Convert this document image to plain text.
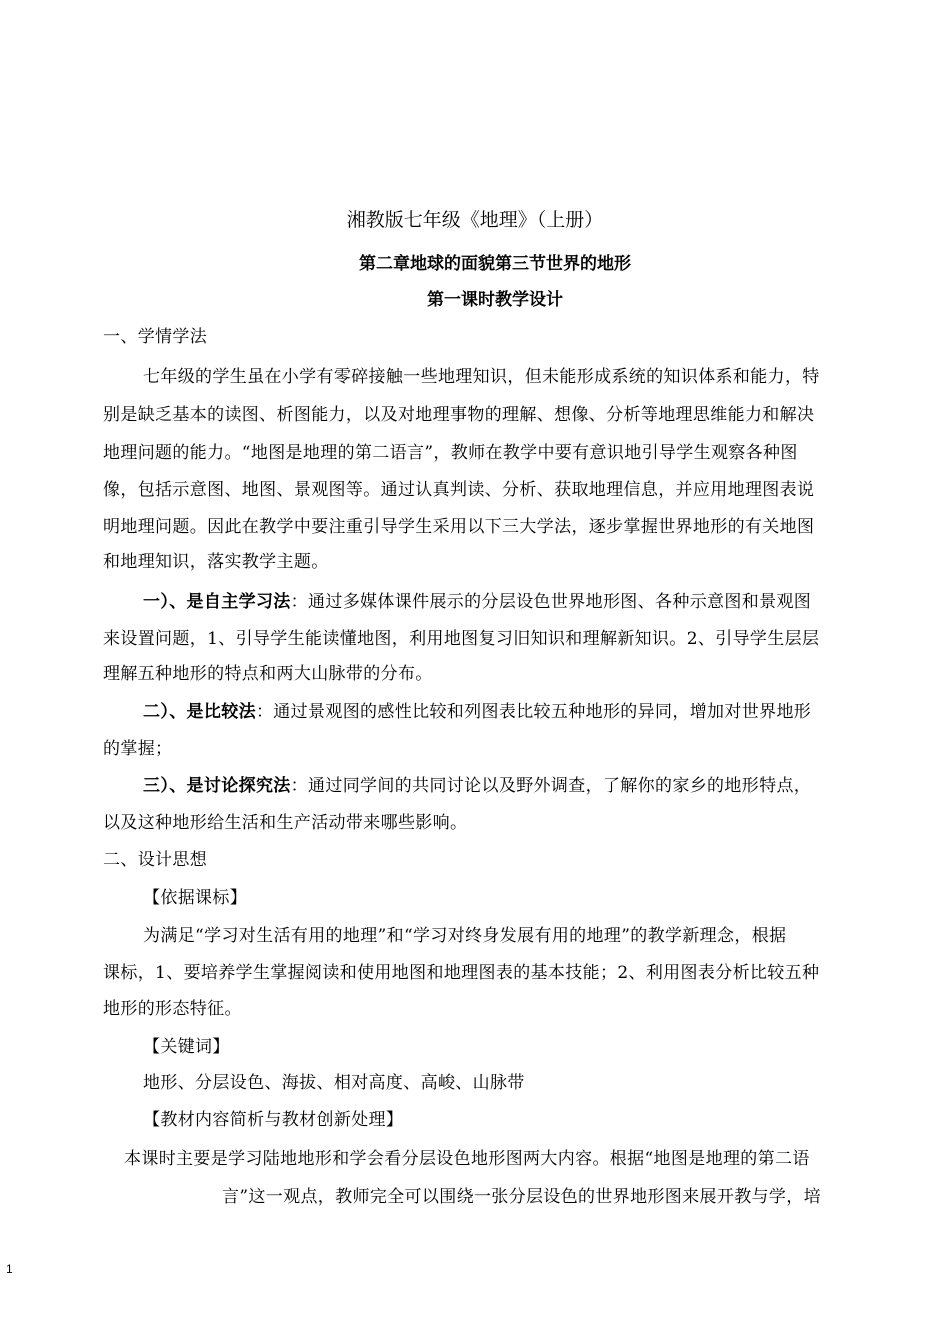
湘教版七年级《地理》（上册）
第二章地球的面貌第三节世界的地形
第一课时教学设计
一、学情学法
七年级的学生虽在小学有零碎接触一些地理知识，但未能形成系统的知识体系和能力，特
别是缺乏基本的读图、析图能力，以及对地理事物的理解、想像、分析等地理思维能力和解决
地理问题的能力。“地图是地理的第二语言”，教师在教学中要有意识地引导学生观察各种图
像，包括示意图、地图、景观图等。通过认真判读、分析、获取地理信息，并应用地理图表说
明地理问题。因此在教学中要注重引导学生采用以下三大学法，逐步掌握世界地形的有关地图
和地理知识，落实教学主题。
一）、是自主学习法：通过多媒体课件展示的分层设色世界地形图、各种示意图和景观图
来设置问题，1、引导学生能读懂地图，利用地图复习旧知识和理解新知识。2、引导学生层层
理解五种地形的特点和两大山脉带的分布。
二）、是比较法：通过景观图的感性比较和列图表比较五种地形的异同，增加对世界地形
的掌握；
三）、是讨论探究法：通过同学间的共同讨论以及野外调查，了解你的家乡的地形特点，
以及这种地形给生活和生产活动带来哪些影响。
二、设计思想
【依据课标】
为满足“学习对生活有用的地理”和“学习对终身发展有用的地理”的教学新理念，根据
课标，1、要培养学生掌握阅读和使用地图和地理图表的基本技能；2、利用图表分析比较五种
地形的形态特征。
【关键词】
地形、分层设色、海拔、相对高度、高峻、山脉带
【教材内容简析与教材创新处理】
本课时主要是学习陆地地形和学会看分层设色地形图两大内容。根据“地图是地理的第二语
言”这一观点，教师完全可以围绕一张分层设色的世界地形图来展开教与学，培
1
